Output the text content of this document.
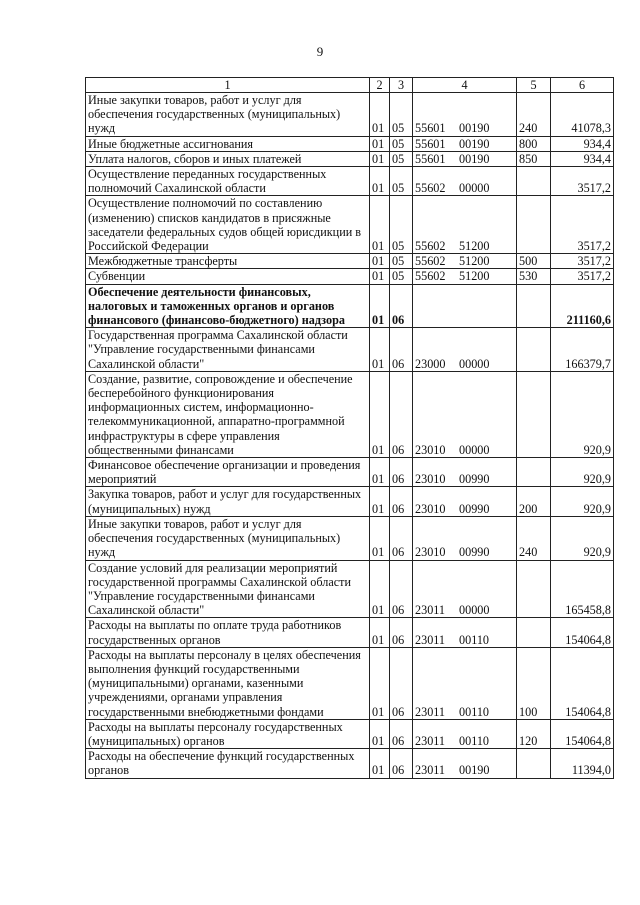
9
1	2	3	4	5	6
Иные закупки товаров, работ и услуг для обеспечения государственных (муниципальных) нужд	01	05	55601 00190	240	41078,3
Иные бюджетные ассигнования	01	05	55601 00190	800	934,4
Уплата налогов, сборов и иных платежей	01	05	55601 00190	850	934,4
Осуществление переданных государственных полномочий Сахалинской области	01	05	55602 00000		3517,2
Осуществление полномочий по составлению (изменению) списков кандидатов в присяжные заседатели федеральных судов общей юрисдикции в Российской Федерации	01	05	55602 51200		3517,2
Межбюджетные трансферты	01	05	55602 51200	500	3517,2
Субвенции	01	05	55602 51200	530	3517,2
Обеспечение деятельности финансовых, налоговых и таможенных органов и органов финансового (финансово-бюджетного) надзора	01	06			211160,6
Государственная программа Сахалинской области "Управление государственными финансами Сахалинской области"	01	06	23000 00000		166379,7
Создание, развитие, сопровождение и обеспечение бесперебойного функционирования информационных систем, информационно-телекоммуникационной, аппаратно-программной инфраструктуры в сфере управления общественными финансами	01	06	23010 00000		920,9
Финансовое обеспечение организации и проведения мероприятий	01	06	23010 00990		920,9
Закупка товаров, работ и услуг для государственных (муниципальных) нужд	01	06	23010 00990	200	920,9
Иные закупки товаров, работ и услуг для обеспечения государственных (муниципальных) нужд	01	06	23010 00990	240	920,9
Создание условий для реализации мероприятий государственной программы Сахалинской области "Управление государственными финансами Сахалинской области"	01	06	23011 00000		165458,8
Расходы на выплаты по оплате труда работников государственных органов	01	06	23011 00110		154064,8
Расходы на выплаты персоналу в целях обеспечения выполнения функций государственными (муниципальными) органами, казенными учреждениями, органами управления государственными внебюджетными фондами	01	06	23011 00110	100	154064,8
Расходы на выплаты персоналу государственных (муниципальных) органов	01	06	23011 00110	120	154064,8
Расходы на обеспечение функций государственных органов	01	06	23011 00190		11394,0
